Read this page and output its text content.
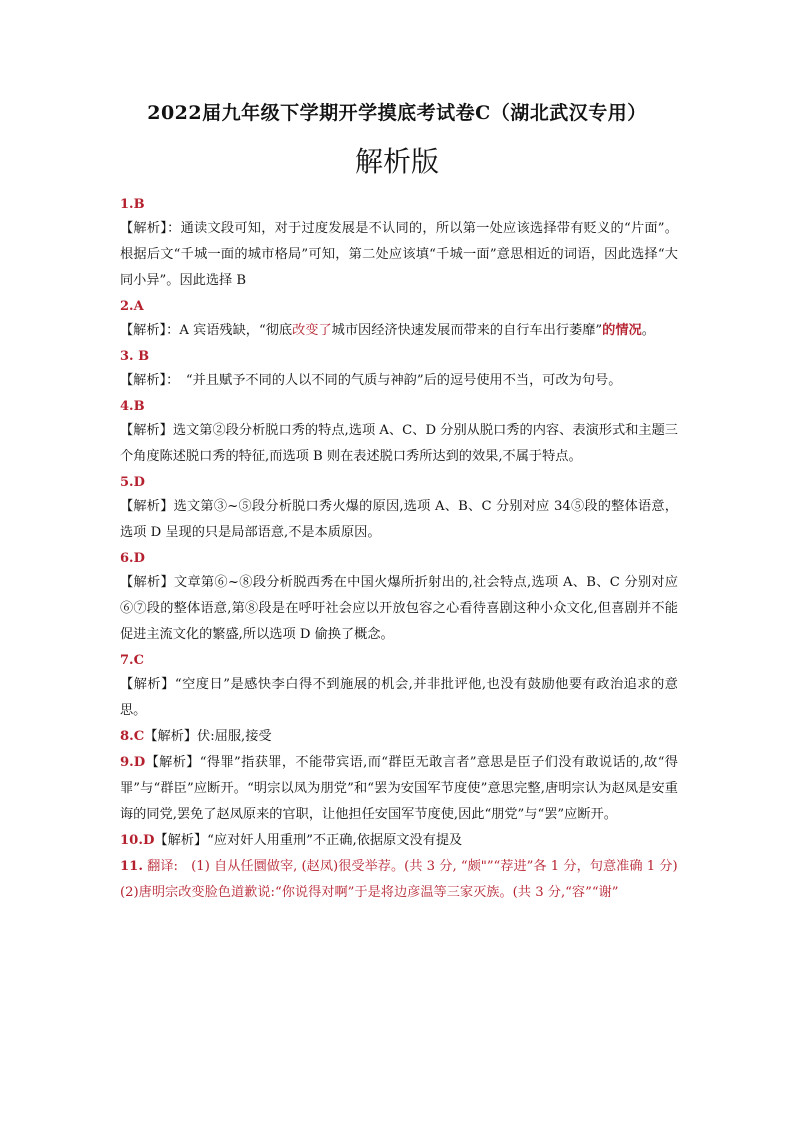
2022届九年级下学期开学摸底考试卷C（湖北武汉专用）
解析版
1.B

【解析】：通读文段可知，对于过度发展是不认同的，所以第一处应该选择带有贬义的“片面”。根据后文“千城一面的城市格局”可知，第二处应该填“千城一面”意思相近的词语，因此选择“大同小异”。因此选择 B

2.A

【解析】：A 宾语残缺，“彻底改变了城市因经济快速发展而带来的自行车出行萎靡”的情况。

3. B

【解析】：　“并且赋予不同的人以不同的气质与神韵”后的逗号使用不当，可改为句号。

4.B

【解析】选文第②段分析脱口秀的特点,选项 A、C、D 分别从脱口秀的内容、表演形式和主题三个角度陈述脱口秀的特征,而选项 B 则在表述脱口秀所达到的效果,不属于特点。

5.D

【解析】选文第③~⑤段分析脱口秀火爆的原因,选项 A、B、C 分别对应 34⑤段的整体语意，选项 D 呈现的只是局部语意,不是本质原因。

6.D

【解析】文章第⑥~⑧段分析脱西秀在中国火爆所折射出的,社会特点,选项 A、B、C 分别对应⑥⑦段的整体语意,第⑧段是在呼吁社会应以开放包容之心看待喜剧这种小众文化,但喜剧并不能促进主流文化的繁盛,所以选项 D 偷换了概念。

7.C

【解析】“空度日”是感快李白得不到施展的机会,并非批评他,也没有鼓励他要有政治追求的意思。

8.C【解析】伏:屈服,接受

9.D【解析】“得罪”指获罪，不能带宾语,而“群臣无敢言者”意思是臣子们没有敢说话的,故“得罪”与“群臣”应断开。“明宗以凤为朋党”和“罢为安国军节度使”意思完整,唐明宗认为赵凤是安重诲的同党,罢免了赵凤原来的官职，让他担任安国军节度使,因此“朋党”与“罢”应断开。

10.D【解析】“应对奸人用重刑”不正确,依据原文没有提及

11. 翻译:　(1) 自从任圜做宰, (赵凤)很受举荐。(共 3 分, “颇"”“荐进”各 1 分，句意准确 1 分)

(2)唐明宗改变脸色道歉说:“你说得对啊”于是将边彦温等三家灭族。(共 3 分,“容”“谢”
